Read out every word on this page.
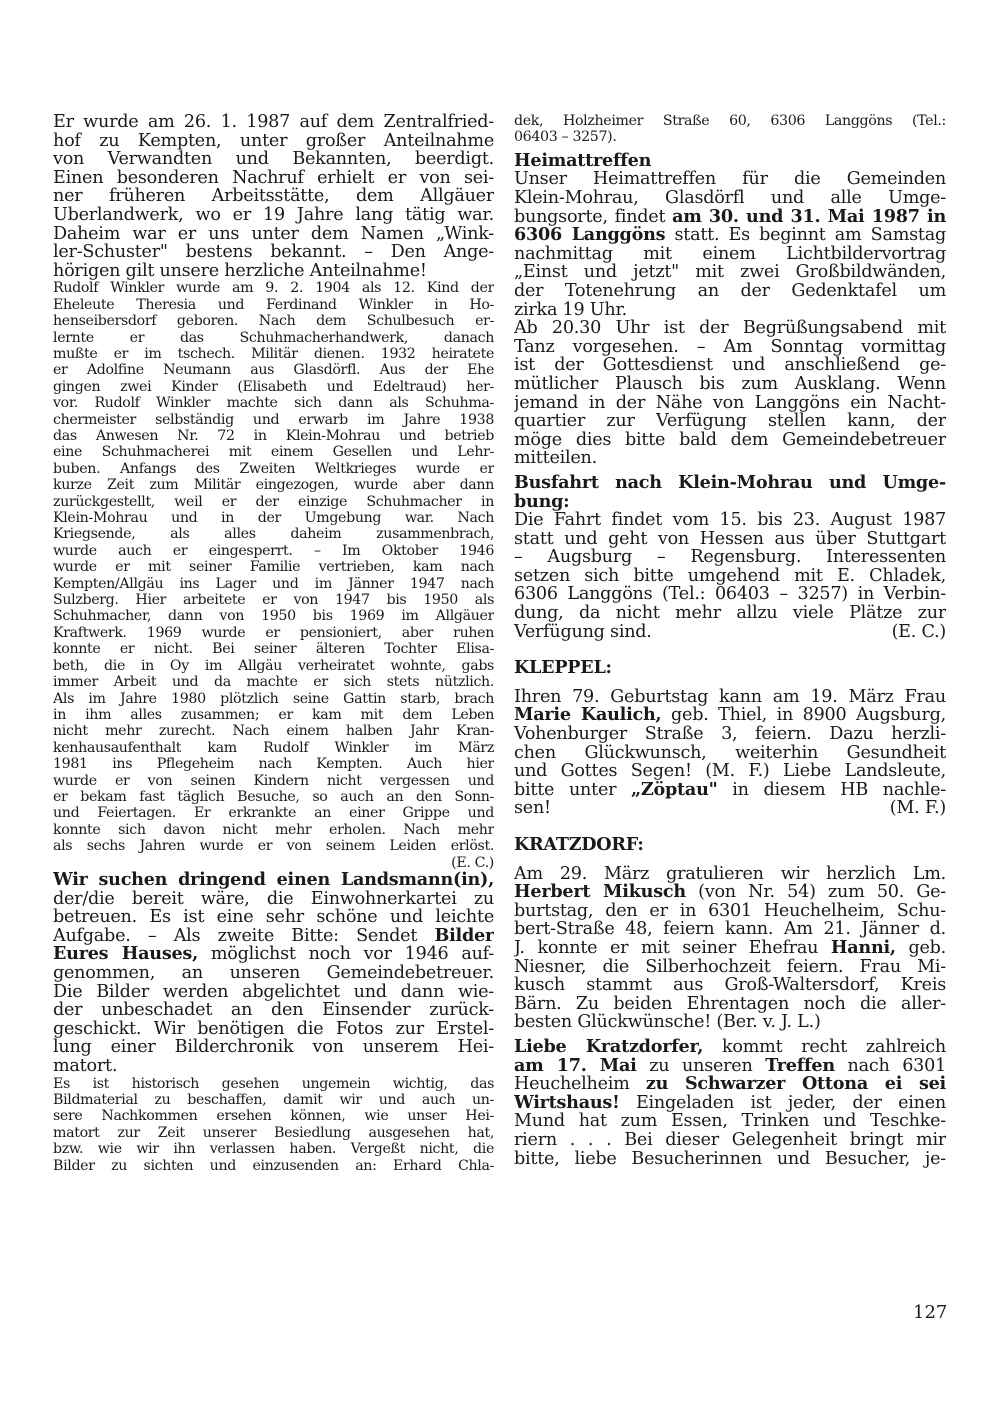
Er wurde am 26. 1. 1987 auf dem Zentralfried-
hof zu Kempten, unter großer Anteilnahme
von Verwandten und Bekannten, beerdigt.
Einen besonderen Nachruf erhielt er von sei-
ner früheren Arbeitsstätte, dem Allgäuer
Überlandwerk, wo er 19 Jahre lang tätig war.
Daheim war er uns unter dem Namen „Wink-
ler-Schuster" bestens bekannt. – Den Ange-
hörigen gilt unsere herzliche Anteilnahme!
Rudolf Winkler wurde am 9. 2. 1904 als 12. Kind der
Eheleute Theresia und Ferdinand Winkler in Ho-
henseibersdorf geboren. Nach dem Schulbesuch er-
lernte er das Schuhmacherhandwerk, danach
mußte er im tschech. Militär dienen. 1932 heiratete
er Adolfine Neumann aus Glasdörfl. Aus der Ehe
gingen zwei Kinder (Elisabeth und Edeltraud) her-
vor. Rudolf Winkler machte sich dann als Schuhma-
chermeister selbständig und erwarb im Jahre 1938
das Anwesen Nr. 72 in Klein-Mohrau und betrieb
eine Schuhmacherei mit einem Gesellen und Lehr-
buben. Anfangs des Zweiten Weltkrieges wurde er
kurze Zeit zum Militär eingezogen, wurde aber dann
zurückgestellt, weil er der einzige Schuhmacher in
Klein-Mohrau und in der Umgebung war. Nach
Kriegsende, als alles daheim zusammenbrach,
wurde auch er eingesperrt. – Im Oktober 1946
wurde er mit seiner Familie vertrieben, kam nach
Kempten/Allgäu ins Lager und im Jänner 1947 nach
Sulzberg. Hier arbeitete er von 1947 bis 1950 als
Schuhmacher, dann von 1950 bis 1969 im Allgäuer
Kraftwerk. 1969 wurde er pensioniert, aber ruhen
konnte er nicht. Bei seiner älteren Tochter Elisa-
beth, die in Oy im Allgäu verheiratet wohnte, gabs
immer Arbeit und da machte er sich stets nützlich.
Als im Jahre 1980 plötzlich seine Gattin starb, brach
in ihm alles zusammen; er kam mit dem Leben
nicht mehr zurecht. Nach einem halben Jahr Kran-
kenhausaufenthalt kam Rudolf Winkler im März
1981 ins Pflegeheim nach Kempten. Auch hier
wurde er von seinen Kindern nicht vergessen und
er bekam fast täglich Besuche, so auch an den Sonn-
und Feiertagen. Er erkrankte an einer Grippe und
konnte sich davon nicht mehr erholen. Nach mehr
als sechs Jahren wurde er von seinem Leiden erlöst.
(E. C.)
Wir suchen dringend einen Landsmann(in),
der/die bereit wäre, die Einwohnerkartei zu
betreuen. Es ist eine sehr schöne und leichte
Aufgabe. – Als zweite Bitte: Sendet Bilder
Eures Hauses, möglichst noch vor 1946 auf-
genommen, an unseren Gemeindebetreuer.
Die Bilder werden abgelichtet und dann wie-
der unbeschadet an den Einsender zurück-
geschickt. Wir benötigen die Fotos zur Erstel-
lung einer Bilderchronik von unserem Hei-
matort.
Es ist historisch gesehen ungemein wichtig, das
Bildmaterial zu beschaffen, damit wir und auch un-
sere Nachkommen ersehen können, wie unser Hei-
matort zur Zeit unserer Besiedlung ausgesehen hat,
bzw. wie wir ihn verlassen haben. Vergeßt nicht, die
Bilder zu sichten und einzusenden an: Erhard Chla-
dek, Holzheimer Straße 60, 6306 Langgöns (Tel.:
06403 – 3257).
Heimattreffen
Unser Heimattreffen für die Gemeinden
Klein-Mohrau, Glasdörfl und alle Umge-
bungsorte, findet am 30. und 31. Mai 1987 in
6306 Langgöns statt. Es beginnt am Samstag
nachmittag mit einem Lichtbildervortrag
„Einst und jetzt" mit zwei Großbildwänden,
der Totenehrung an der Gedenktafel um
zirka 19 Uhr.
Ab 20.30 Uhr ist der Begrüßungsabend mit
Tanz vorgesehen. – Am Sonntag vormittag
ist der Gottesdienst und anschließend ge-
mütlicher Plausch bis zum Ausklang. Wenn
jemand in der Nähe von Langgöns ein Nacht-
quartier zur Verfügung stellen kann, der
möge dies bitte bald dem Gemeindebetreuer
mitteilen.
Busfahrt nach Klein-Mohrau und Umge-
bung:
Die Fahrt findet vom 15. bis 23. August 1987
statt und geht von Hessen aus über Stuttgart
– Augsburg – Regensburg. Interessenten
setzen sich bitte umgehend mit E. Chladek,
6306 Langgöns (Tel.: 06403 – 3257) in Verbin-
dung, da nicht mehr allzu viele Plätze zur
Verfügung sind.	(E. C.)
KLEPPEL:
Ihren 79. Geburtstag kann am 19. März Frau
Marie Kaulich, geb. Thiel, in 8900 Augsburg,
Vohenburger Straße 3, feiern. Dazu herzli-
chen Glückwunsch, weiterhin Gesundheit
und Gottes Segen! (M. F.) Liebe Landsleute,
bitte unter „Zöptau" in diesem HB nachle-
sen!	(M. F.)
KRATZDORF:
Am 29. März gratulieren wir herzlich Lm.
Herbert Mikusch (von Nr. 54) zum 50. Ge-
burtstag, den er in 6301 Heuchelheim, Schu-
bert-Straße 48, feiern kann. Am 21. Jänner d.
J. konnte er mit seiner Ehefrau Hanni, geb.
Niesner, die Silberhochzeit feiern. Frau Mi-
kusch stammt aus Groß-Waltersdorf, Kreis
Bärn. Zu beiden Ehrentagen noch die aller-
besten Glückwünsche! (Ber. v. J. L.)
Liebe Kratzdorfer, kommt recht zahlreich
am 17. Mai zu unseren Treffen nach 6301
Heuchelheim zu Schwarzer Ottona ei sei
Wirtshaus! Eingeladen ist jeder, der einen
Mund hat zum Essen, Trinken und Teschke-
riern . . . Bei dieser Gelegenheit bringt mir
bitte, liebe Besucherinnen und Besucher, je-
127
